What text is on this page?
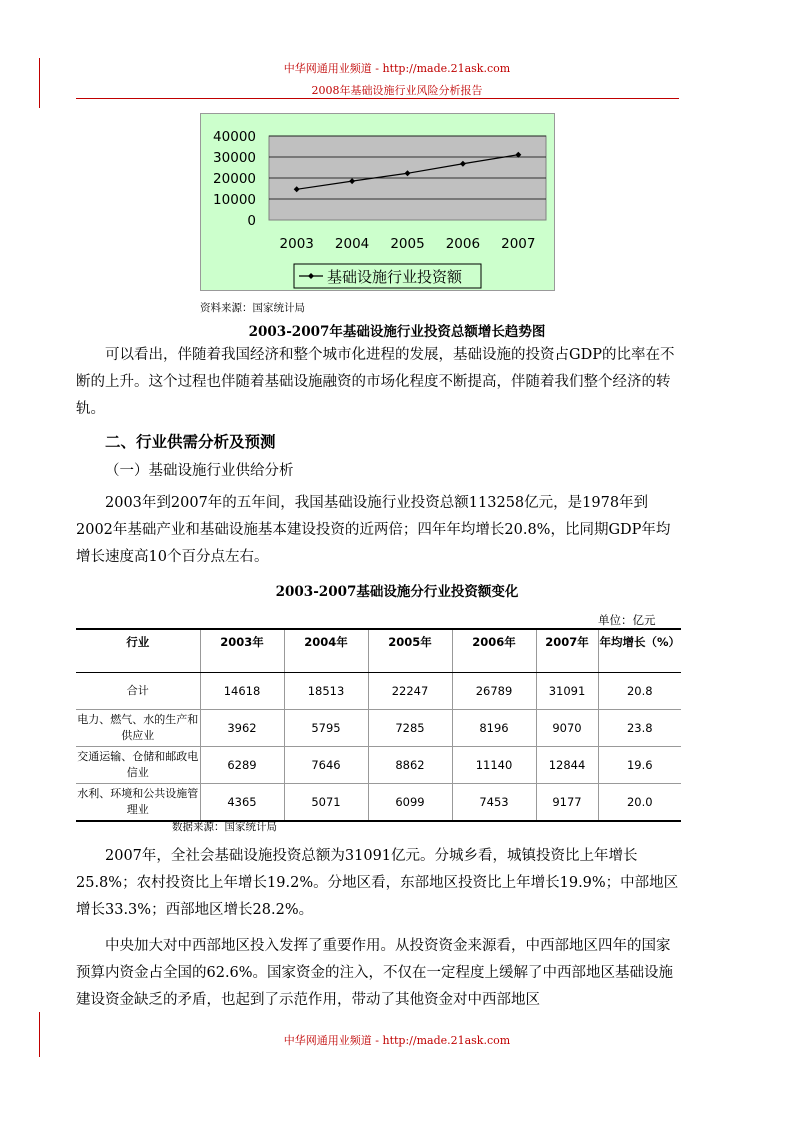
中华网通用业频道 - http://made.21ask.com
2008年基础设施行业风险分析报告
40000
30000
20000
10000
0
2003 2004 2005 2006 2007
基础设施行业投资额
资料来源：国家统计局
2003-2007年基础设施行业投资总额增长趋势图
可以看出，伴随着我国经济和整个城市化进程的发展，基础设施的投资占GDP的比率在不断的上升。这个过程也伴随着基础设施融资的市场化程度不断提高，伴随着我们整个经济的转轨。
二、行业供需分析及预测
（一）基础设施行业供给分析
2003年到2007年的五年间，我国基础设施行业投资总额113258亿元，是1978年到2002年基础产业和基础设施基本建设投资的近两倍；四年年均增长20.8%，比同期GDP年均增长速度高10个百分点左右。
2003-2007基础设施分行业投资额变化
单位：亿元
行业	2003年	2004年	2005年	2006年	2007年	年均增长（%）
合计	14618	18513	22247	26789	31091	20.8
电力、燃气、水的生产和供应业	3962	5795	7285	8196	9070	23.8
交通运输、仓储和邮政电信业	6289	7646	8862	11140	12844	19.6
水利、环境和公共设施管理业	4365	5071	6099	7453	9177	20.0
数据来源：国家统计局
2007年，全社会基础设施投资总额为31091亿元。分城乡看，城镇投资比上年增长25.8%；农村投资比上年增长19.2%。分地区看，东部地区投资比上年增长19.9%；中部地区增长33.3%；西部地区增长28.2%。
中央加大对中西部地区投入发挥了重要作用。从投资资金来源看，中西部地区四年的国家预算内资金占全国的62.6%。国家资金的注入，不仅在一定程度上缓解了中西部地区基础设施建设资金缺乏的矛盾，也起到了示范作用，带动了其他资金对中西部地区
中华网通用业频道 - http://made.21ask.com
